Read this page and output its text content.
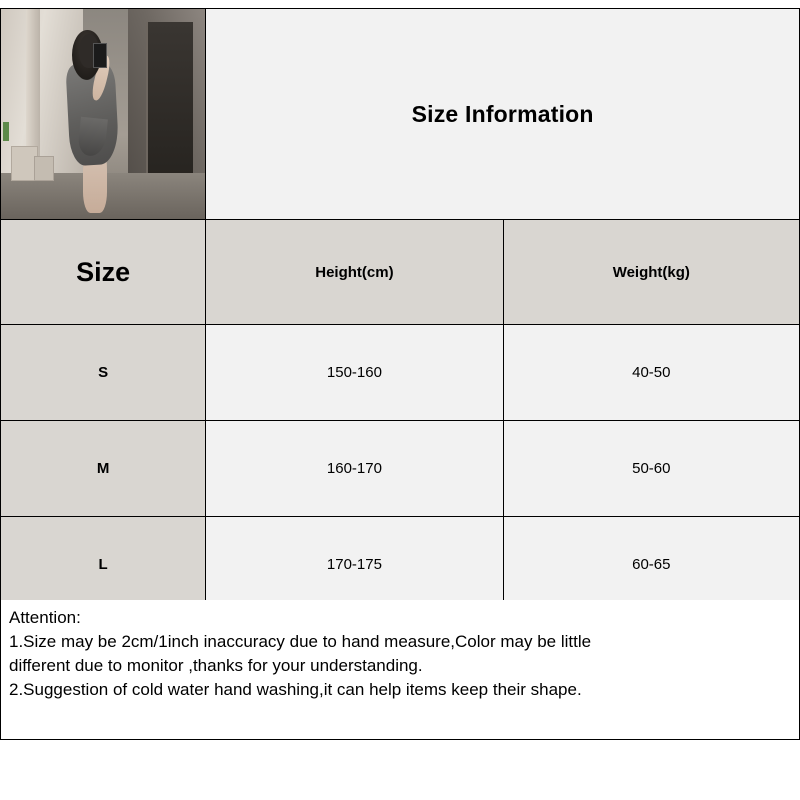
	Size Information	

Size	Height(cm)	Weight(kg)
S	150-160	40-50
M	160-170	50-60
L	170-175	60-65

Attention:

1.Size may be 2cm/1inch inaccuracy due to hand measure,Color may be little

different due to monitor ,thanks for your understanding.

2.Suggestion of cold water hand washing,it can help items keep their shape.
